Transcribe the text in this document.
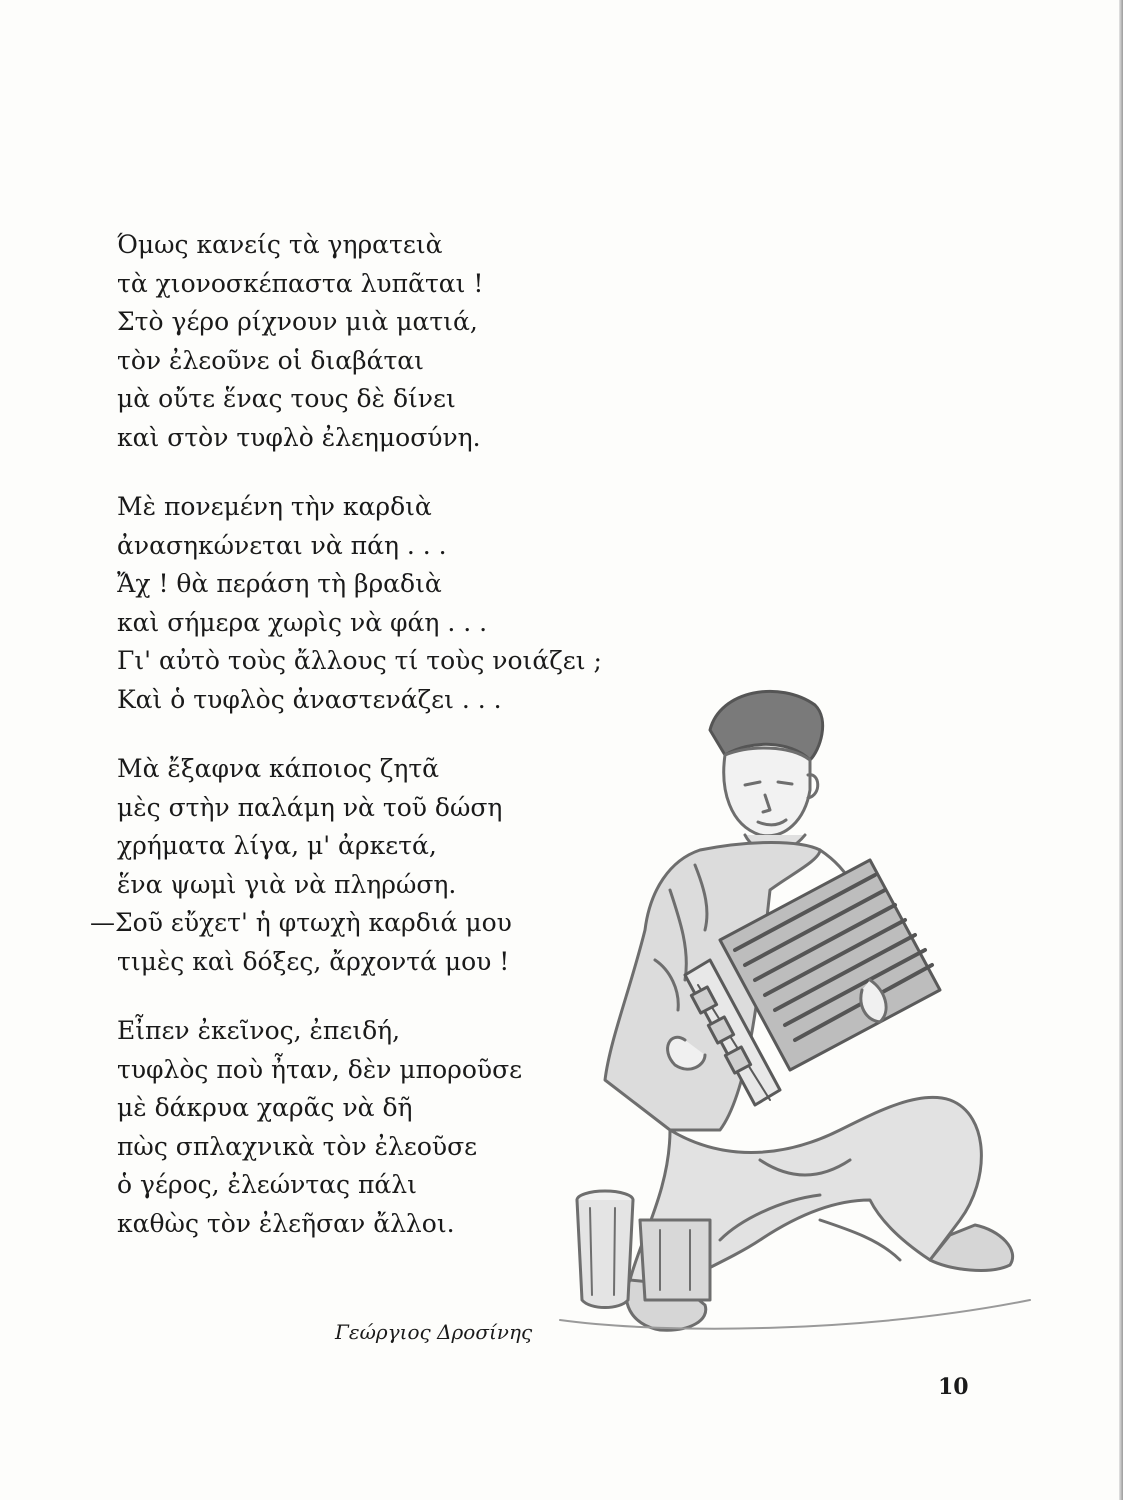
Όμως κανείς τὰ γηρατειὰ
τὰ χιονοσκέπαστα λυπᾶται !
Στὸ γέρο ρίχνουν μιὰ ματιά,
τὸν ἐλεοῦνε οἱ διαβάται
μὰ οὔτε ἕνας τους δὲ δίνει
καὶ στὸν τυφλὸ ἐλεημοσύνη.
Μὲ πονεμένη τὴν καρδιὰ
ἀνασηκώνεται νὰ πάη . . .
Ἄχ ! θὰ περάση τὴ βραδιὰ
καὶ σήμερα χωρὶς νὰ φάη . . .
Γι' αὐτὸ τοὺς ἄλλους τί τοὺς νοιάζει ;
Καὶ ὁ τυφλὸς ἀναστενάζει . . .
Μὰ ἔξαφνα κάποιος ζητᾶ
μὲς στὴν παλάμη νὰ τοῦ δώση
χρήματα λίγα, μ' ἀρκετά,
ἕνα ψωμὶ γιὰ νὰ πληρώση.
—Σοῦ εὔχετ' ἡ φτωχὴ καρδιά μου
τιμὲς καὶ δόξες, ἄρχοντά μου !
Εἶπεν ἐκεῖνος, ἐπειδή,
τυφλὸς ποὺ ἦταν, δὲν μποροῦσε
μὲ δάκρυα χαρᾶς νὰ δῆ
πὼς σπλαχνικὰ τὸν ἐλεοῦσε
ὁ γέρος, ἐλεώντας πάλι
καθὼς τὸν ἐλεῆσαν ἄλλοι.
Γεώργιος Δροσίνης
10
